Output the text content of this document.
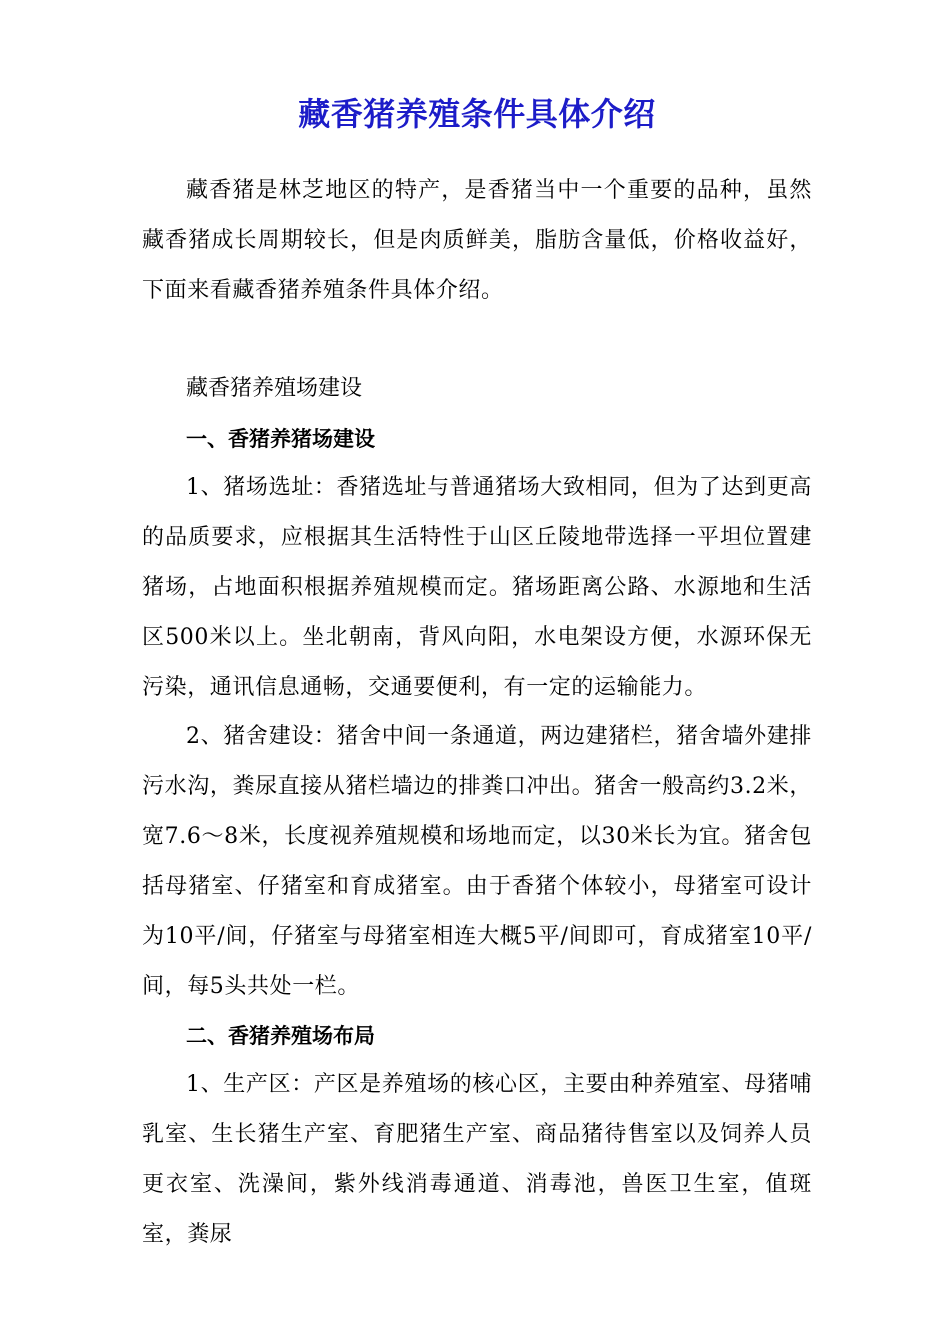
藏香猪养殖条件具体介绍

藏香猪是林芝地区的特产，是香猪当中一个重要的品种，虽然藏香猪成长周期较长，但是肉质鲜美，脂肪含量低，价格收益好，下面来看藏香猪养殖条件具体介绍。

藏香猪养殖场建设

一、香猪养猪场建设

1、猪场选址：香猪选址与普通猪场大致相同，但为了达到更高的品质要求，应根据其生活特性于山区丘陵地带选择一平坦位置建猪场，占地面积根据养殖规模而定。猪场距离公路、水源地和生活区500米以上。坐北朝南，背风向阳，水电架设方便，水源环保无污染，通讯信息通畅，交通要便利，有一定的运输能力。

2、猪舍建设：猪舍中间一条通道，两边建猪栏，猪舍墙外建排污水沟，粪尿直接从猪栏墙边的排粪口冲出。猪舍一般高约3.2米，宽7.6～8米，长度视养殖规模和场地而定，以30米长为宜。猪舍包括母猪室、仔猪室和育成猪室。由于香猪个体较小，母猪室可设计为10平/间，仔猪室与母猪室相连大概5平/间即可，育成猪室10平/间，每5头共处一栏。

二、香猪养殖场布局

1、生产区：产区是养殖场的核心区，主要由种养殖室、母猪哺乳室、生长猪生产室、育肥猪生产室、商品猪待售室以及饲养人员更衣室、洗澡间，紫外线消毒通道、消毒池，兽医卫生室，值斑室，粪尿
